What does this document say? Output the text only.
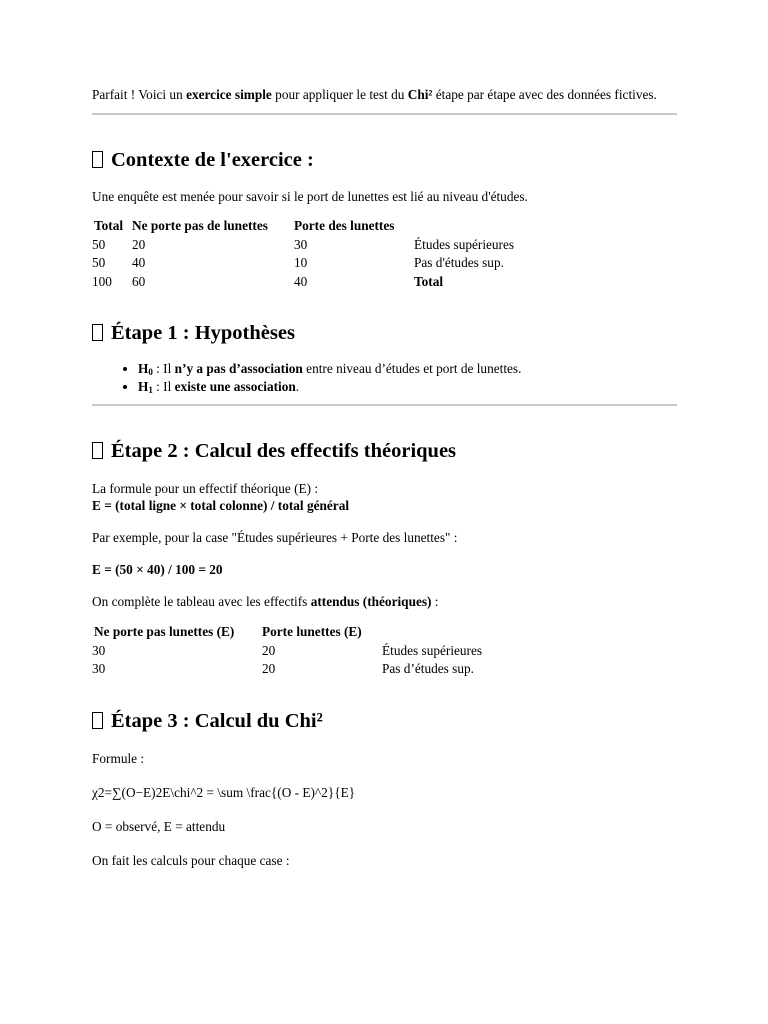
Parfait ! Voici un exercice simple pour appliquer le test du Chi² étape par étape avec des données fictives.

Contexte de l'exercice :

Une enquête est menée pour savoir si le port de lunettes est lié au niveau d'études.

Total	Ne porte pas de lunettes	Porte des lunettes	
50	20	30	Études supérieures
50	40	10	Pas d'études sup.
100	60	40	Total
Étape 1 : Hypothèses
• $H_0$ : Il n’y a pas d’association entre niveau d’études et port de lunettes.
• $H_1$ : Il existe une association.
Étape 2 : Calcul des effectifs théoriques

La formule pour un effectif théorique (E) :

E = (total ligne × total colonne) / total général

Par exemple, pour la case "Études supérieures + Porte des lunettes" :

E = (50 × 40) / 100 = 20

On complète le tableau avec les effectifs attendus (théoriques) :

Ne porte pas lunettes (E)	Porte lunettes (E)	
30	20	Études supérieures
30	20	Pas d’études sup.
Étape 3 : Calcul du Chi²

Formule :

χ2=∑(O−E)2E\chi^2 = \sum \frac{(O - E)^2}{E}

O = observé, E = attendu

On fait les calculs pour chaque case :
